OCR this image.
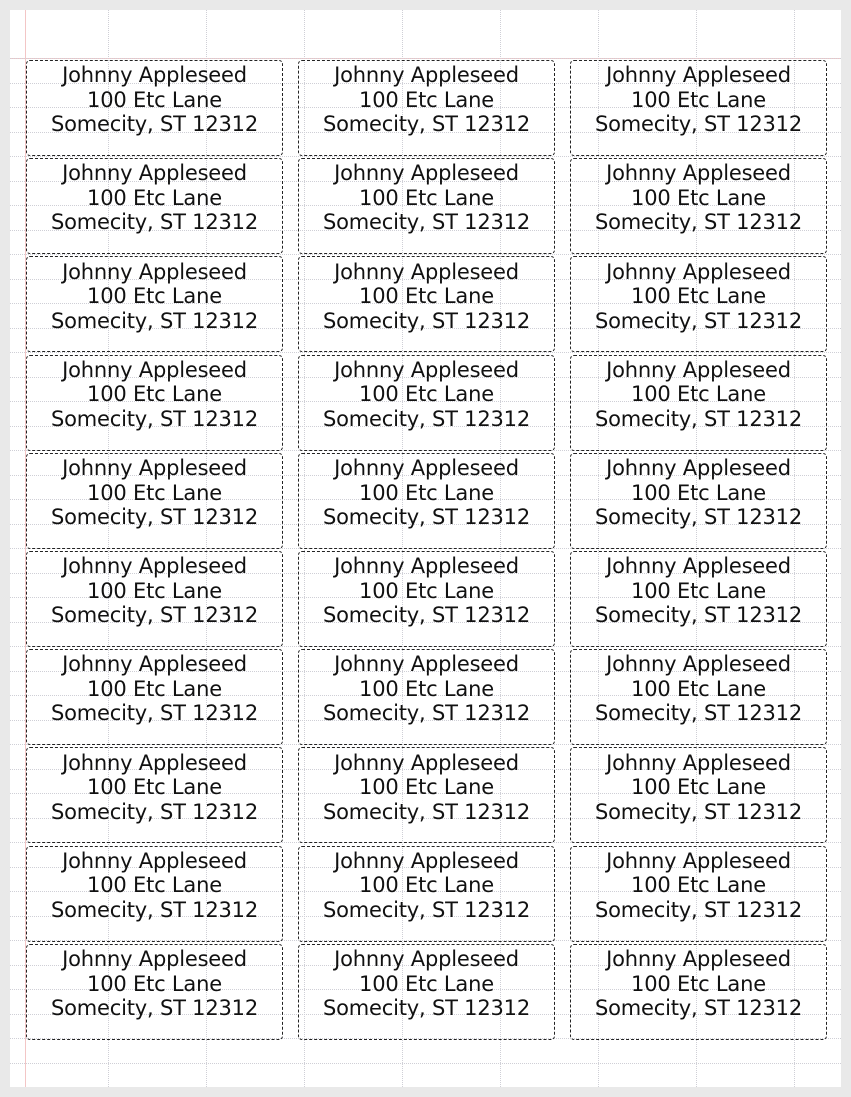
Johnny Appleseed
100 Etc Lane
Somecity, ST 12312
Johnny Appleseed
100 Etc Lane
Somecity, ST 12312
Johnny Appleseed
100 Etc Lane
Somecity, ST 12312
Johnny Appleseed
100 Etc Lane
Somecity, ST 12312
Johnny Appleseed
100 Etc Lane
Somecity, ST 12312
Johnny Appleseed
100 Etc Lane
Somecity, ST 12312
Johnny Appleseed
100 Etc Lane
Somecity, ST 12312
Johnny Appleseed
100 Etc Lane
Somecity, ST 12312
Johnny Appleseed
100 Etc Lane
Somecity, ST 12312
Johnny Appleseed
100 Etc Lane
Somecity, ST 12312
Johnny Appleseed
100 Etc Lane
Somecity, ST 12312
Johnny Appleseed
100 Etc Lane
Somecity, ST 12312
Johnny Appleseed
100 Etc Lane
Somecity, ST 12312
Johnny Appleseed
100 Etc Lane
Somecity, ST 12312
Johnny Appleseed
100 Etc Lane
Somecity, ST 12312
Johnny Appleseed
100 Etc Lane
Somecity, ST 12312
Johnny Appleseed
100 Etc Lane
Somecity, ST 12312
Johnny Appleseed
100 Etc Lane
Somecity, ST 12312
Johnny Appleseed
100 Etc Lane
Somecity, ST 12312
Johnny Appleseed
100 Etc Lane
Somecity, ST 12312
Johnny Appleseed
100 Etc Lane
Somecity, ST 12312
Johnny Appleseed
100 Etc Lane
Somecity, ST 12312
Johnny Appleseed
100 Etc Lane
Somecity, ST 12312
Johnny Appleseed
100 Etc Lane
Somecity, ST 12312
Johnny Appleseed
100 Etc Lane
Somecity, ST 12312
Johnny Appleseed
100 Etc Lane
Somecity, ST 12312
Johnny Appleseed
100 Etc Lane
Somecity, ST 12312
Johnny Appleseed
100 Etc Lane
Somecity, ST 12312
Johnny Appleseed
100 Etc Lane
Somecity, ST 12312
Johnny Appleseed
100 Etc Lane
Somecity, ST 12312
